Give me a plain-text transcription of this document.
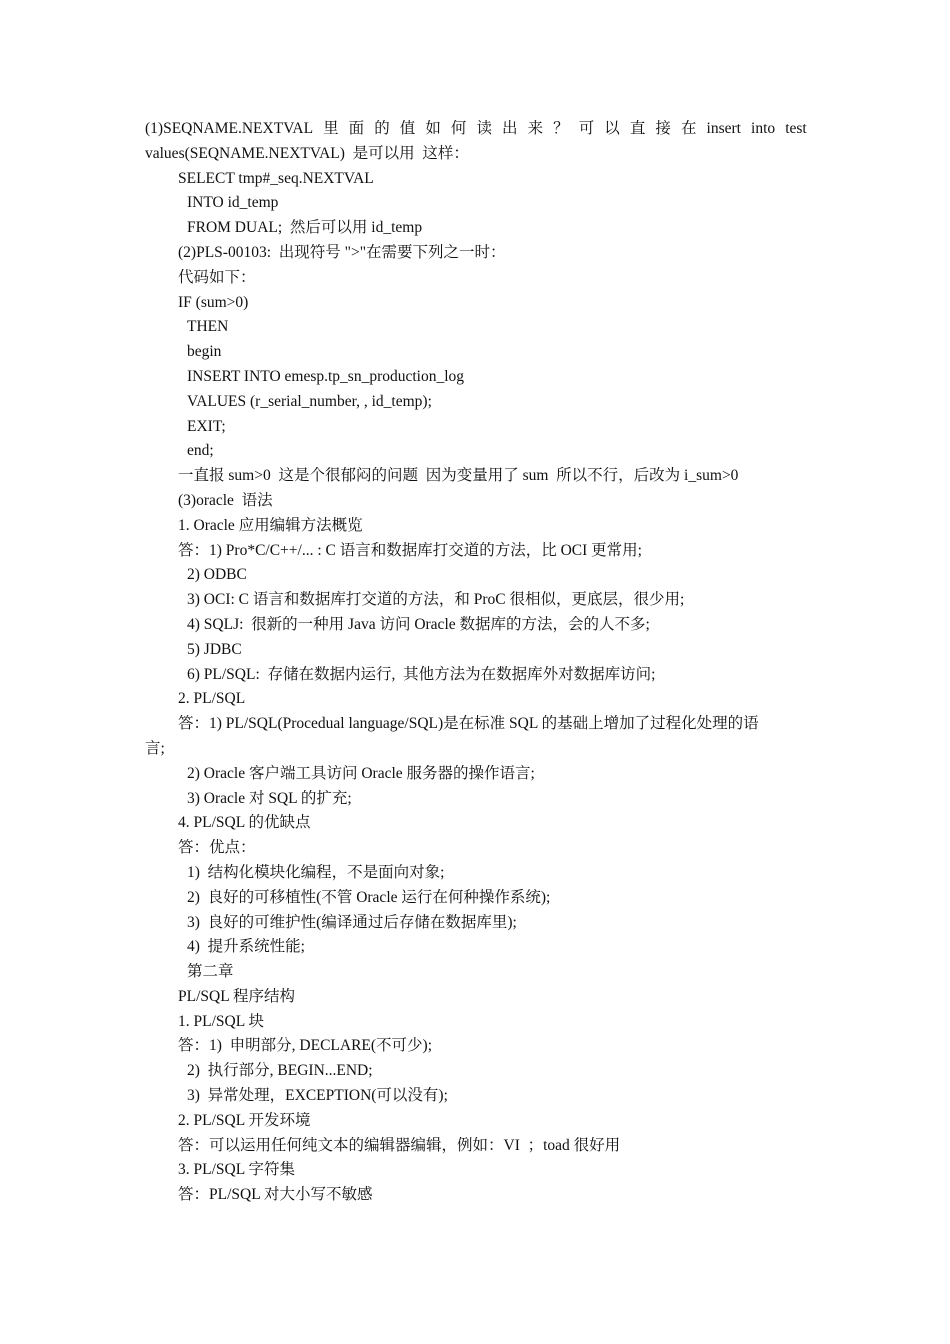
(1)SEQNAME.NEXTVAL 里 面 的 值 如 何 读 出 来 ？ 可 以 直 接 在 insert into test
values(SEQNAME.NEXTVAL)  是可以用  这样：
SELECT tmp#_seq.NEXTVAL
INTO id_temp
FROM DUAL;  然后可以用 id_temp
(2)PLS-00103:  出现符号 ">"在需要下列之一时：
代码如下：
IF (sum>0)
THEN
begin
INSERT INTO emesp.tp_sn_production_log
VALUES (r_serial_number, , id_temp);
EXIT;
end;
一直报 sum>0  这是个很郁闷的问题  因为变量用了 sum  所以不行，后改为 i_sum>0
(3)oracle  语法
1. Oracle 应用编辑方法概览
答：1) Pro*C/C++/... : C 语言和数据库打交道的方法，比 OCI 更常用;
2) ODBC
3) OCI: C 语言和数据库打交道的方法，和 ProC 很相似，更底层，很少用;
4) SQLJ:  很新的一种用 Java 访问 Oracle 数据库的方法，会的人不多;
5) JDBC
6) PL/SQL:  存储在数据内运行,  其他方法为在数据库外对数据库访问;
2. PL/SQL
答：1) PL/SQL(Procedual language/SQL)是在标准 SQL 的基础上增加了过程化处理的语
言;
2) Oracle 客户端工具访问 Oracle 服务器的操作语言;
3) Oracle 对 SQL 的扩充;
4. PL/SQL 的优缺点
答：优点：
1)  结构化模块化编程，不是面向对象;
2)  良好的可移植性(不管 Oracle 运行在何种操作系统);
3)  良好的可维护性(编译通过后存储在数据库里);
4)  提升系统性能;
第二章
PL/SQL 程序结构
1. PL/SQL 块
答：1)  申明部分, DECLARE(不可少);
2)  执行部分, BEGIN...END;
3)  异常处理，EXCEPTION(可以没有);
2. PL/SQL 开发环境
答：可以运用任何纯文本的编辑器编辑，例如：VI  ；toad 很好用
3. PL/SQL 字符集
答：PL/SQL 对大小写不敏感
